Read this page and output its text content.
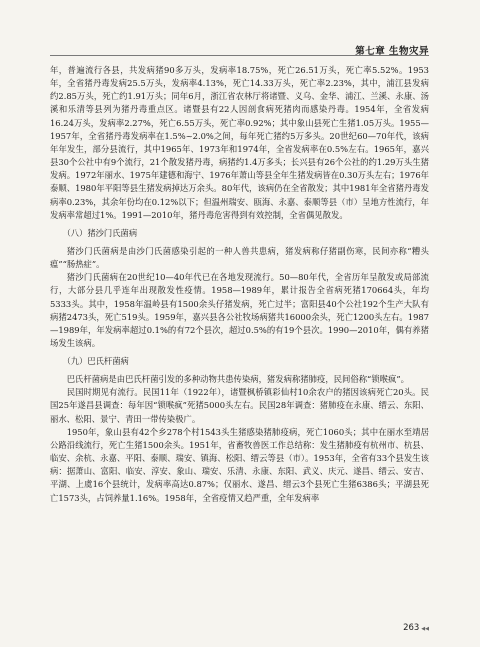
第七章 生物灾异

年，普遍流行各县，共发病猪90多万头，发病率18.75%，死亡26.51万头，死亡率5.52%。1953年，全省猪丹毒发病25.5万头，发病率4.13%，死亡14.33万头，死亡率2.23%，其中，浦江县发病约2.85万头，死亡约1.91万头；同年6月，浙江省农林厅将诸暨、义乌、金华、浦江、兰溪、永康、汤溪和乐清等县列为猪丹毒重点区。诸暨县有22人因剖食病死猪肉而感染丹毒。1954年，全省发病16.24万头，发病率2.27%，死亡6.55万头，死亡率0.92%；其中象山县死亡生猪1.05万头。1955—1957年，全省猪丹毒发病率在1.5%~2.0%之间，每年死亡猪约5万多头。20世纪60—70年代，该病年年发生，部分县流行，其中1965年、1973年和1974年，全省发病率在0.5%左右。1965年，嘉兴县30个公社中有9个流行，21个散发猪丹毒，病猪约1.4万多头；长兴县有26个公社的约1.29万头生猪发病。1972年丽水、1975年建德和海宁、1976年萧山等县全年生猪发病皆在0.30万头左右；1976年泰顺、1980年平阳等县生猪发病掉达万余头。80年代，该病仍在全省散发；其中1981年全省猪丹毒发病率0.23%，其余年份均在0.12%以下；但温州瑞安、瓯海、永嘉、泰顺等县（市）呈地方性流行，年发病率常超过1%。1991—2010年，猪丹毒危害得到有效控制，全省偶见散发。

（八）猪沙门氏菌病

猪沙门氏菌病是由沙门氏菌感染引起的一种人兽共患病，猪发病称仔猪副伤寒，民间亦称“糟头瘟”“肠热症”。

猪沙门氏菌病在20世纪10—40年代已在各地发现流行。50—80年代，全省历年呈散发或局部流行，大部分县几乎连年出现散发性疫情。1958—1989年，累计报告全省病死猪170664头，年均5333头。其中，1958年温岭县有1500余头仔猪发病，死亡过半；富阳县40个公社192个生产大队有病猪2473头，死亡519头。1959年，嘉兴县各公社牧场病猪共16000余头，死亡1200头左右。1987—1989年，年发病率超过0.1%的有72个县次，超过0.5%的有19个县次。1990—2010年，偶有养猪场发生该病。

（九）巴氏杆菌病

巴氏杆菌病是由巴氏杆菌引发的多种动物共患传染病，猪发病称猪肺疫，民间俗称“锁喉疯”。

民国时期见有流行。民国11年（1922年），诸暨枫桥镇彩仙村10余农户的猪因该病死亡20头。民国25年遂昌县调查：每年因“锁喉疯”死猪5000头左右。民国28年调查：猪肺疫在永康、缙云、东阳、丽水、松阳、景宁、青田一带传染极广。

1950年，象山县有42个乡278个村1543头生猪感染猪肺疫病，死亡1060头；其中在丽水至靖居公路沿线流行，死亡生猪1500余头。1951年，省畜牧兽医工作总结称：发生猪肺疫有杭州市、杭县、临安、余杭、永嘉、平阳、泰顺、瑞安、镇海、松阳、缙云等县（市）。1953年，全省有33个县发生该病：据萧山、富阳、临安、淳安、象山、瑞安、乐清、永康、东阳、武义、庆元、遂昌、缙云、安吉、平湖、上虞16个县统计，发病率高达0.87%；仅丽水、遂昌、缙云3个县死亡生猪6386头；平湖县死亡1573头，占饲养量1.16%。1958年，全省疫情又趋严重，全年发病率

263 ◀◀
